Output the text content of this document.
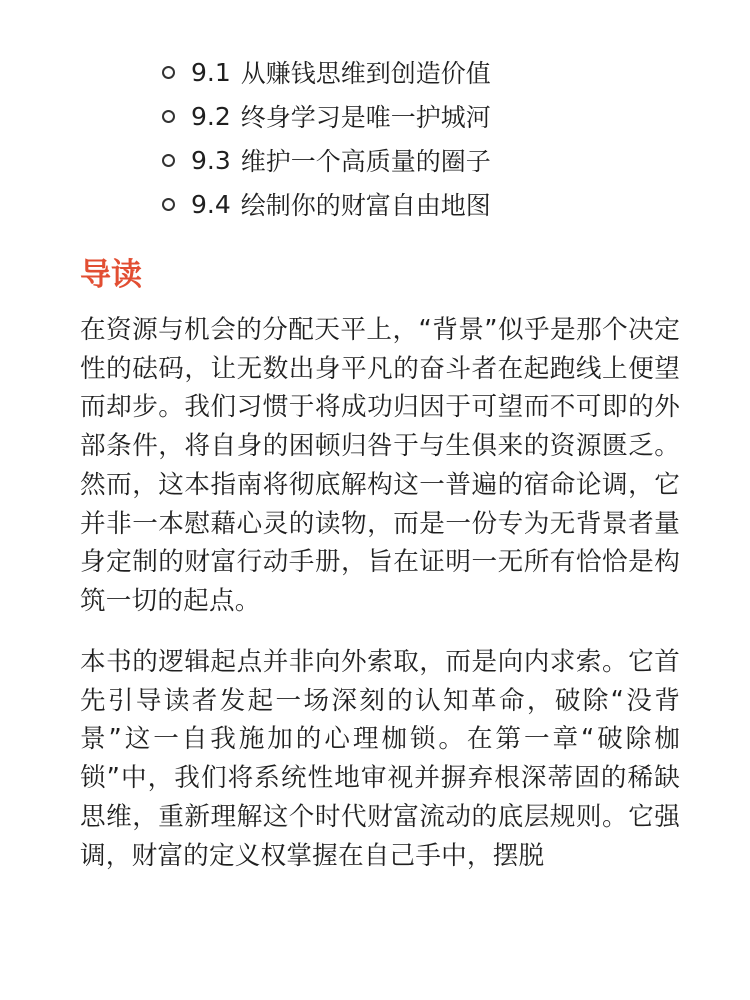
9.1 从赚钱思维到创造价值
9.2 终身学习是唯一护城河
9.3 维护一个高质量的圈子
9.4 绘制你的财富自由地图
导读

在资源与机会的分配天平上，“背景”似乎是那个决定性的砝码，让无数出身平凡的奋斗者在起跑线上便望而却步。我们习惯于将成功归因于可望而不可即的外部条件，将自身的困顿归咎于与生俱来的资源匮乏。然而，这本指南将彻底解构这一普遍的宿命论调，它并非一本慰藉心灵的读物，而是一份专为无背景者量身定制的财富行动手册，旨在证明一无所有恰恰是构筑一切的起点。

本书的逻辑起点并非向外索取，而是向内求索。它首先引导读者发起一场深刻的认知革命，破除“没背景”这一自我施加的心理枷锁。在第一章“破除枷锁”中，我们将系统性地审视并摒弃根深蒂固的稀缺思维，重新理解这个时代财富流动的底层规则。它强调，财富的定义权掌握在自己手中，摆脱
